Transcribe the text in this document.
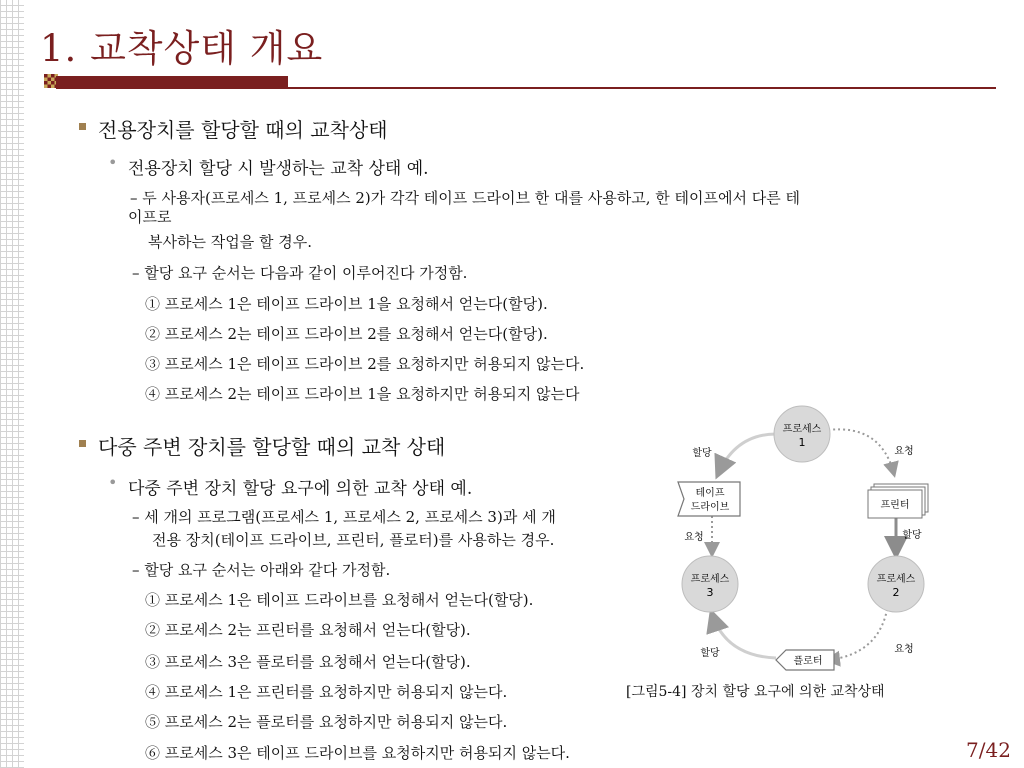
1. 교착상태 개요
전용장치를 할당할 때의 교착상태
• 전용장치 할당 시 발생하는 교착 상태 예.
– 두 사용자(프로세스 1, 프로세스 2)가 각각 테이프 드라이브 한 대를 사용하고, 한 테이프에서 다른 테
이프로
복사하는 작업을 할 경우.
– 할당 요구 순서는 다음과 같이 이루어진다 가정함.
① 프로세스 1은 테이프 드라이브 1을 요청해서 얻는다(할당).
② 프로세스 2는 테이프 드라이브 2를 요청해서 얻는다(할당).
③ 프로세스 1은 테이프 드라이브 2를 요청하지만 허용되지 않는다.
④ 프로세스 2는 테이프 드라이브 1을 요청하지만 허용되지 않는다
다중 주변 장치를 할당할 때의 교착 상태
• 다중 주변 장치 할당 요구에 의한 교착 상태 예.
– 세 개의 프로그램(프로세스 1, 프로세스 2, 프로세스 3)과 세 개
전용 장치(테이프 드라이브, 프린터, 플로터)를 사용하는 경우.
– 할당 요구 순서는 아래와 같다 가정함.
① 프로세스 1은 테이프 드라이브를 요청해서 얻는다(할당).
② 프로세스 2는 프린터를 요청해서 얻는다(할당).
③ 프로세스 3은 플로터를 요청해서 얻는다(할당).
④ 프로세스 1은 프린터를 요청하지만 허용되지 않는다.
⑤ 프로세스 2는 플로터를 요청하지만 허용되지 않는다.
⑥ 프로세스 3은 테이프 드라이브를 요청하지만 허용되지 않는다.
프로세스
1
프로세스
2
프로세스
3
테이프
드라이브	프린터
플로터
할당	요청
할당
요청
할당	요청
[그림5-4] 장치 할당 요구에 의한 교착상태
7/42
